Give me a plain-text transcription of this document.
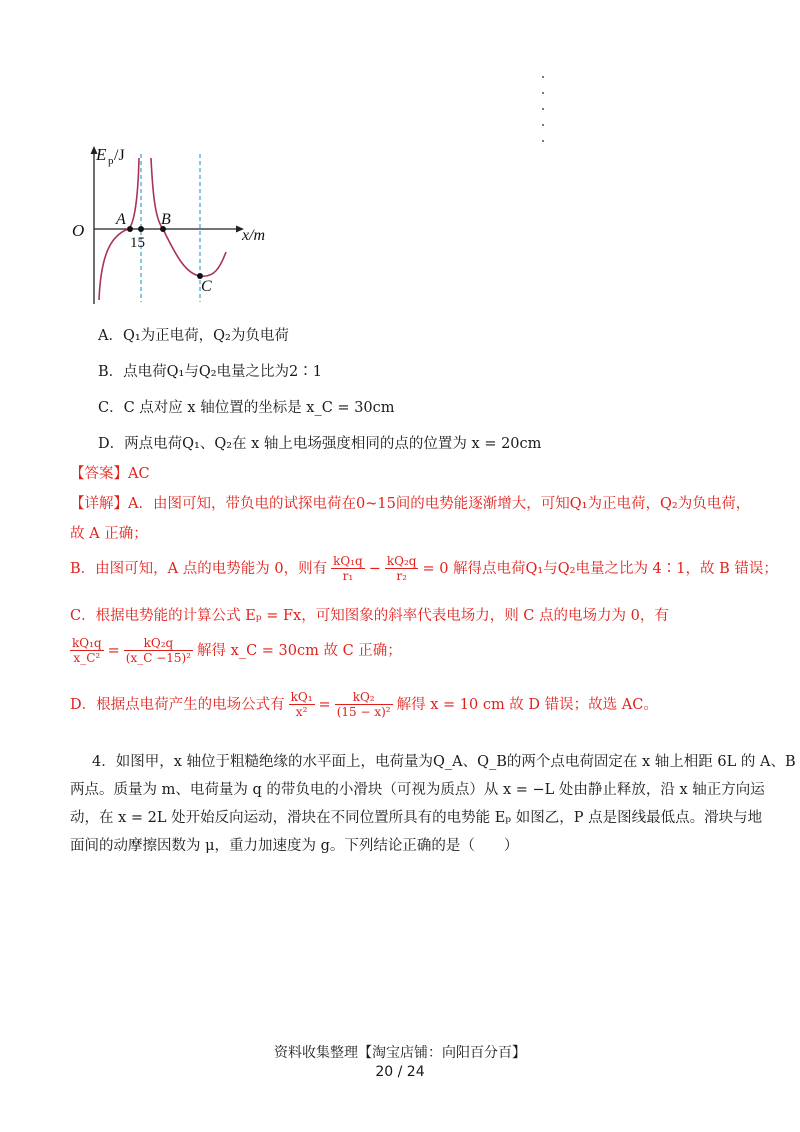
E p /J
O
A B
C
15	x/m
A．Q₁为正电荷，Q₂为负电荷
B．点电荷Q₁与Q₂电量之比为2∶1
C．C 点对应 x 轴位置的坐标是 x_C = 30cm
D．两点电荷Q₁、Q₂在 x 轴上电场强度相同的点的位置为 x = 20cm
【答案】AC
【详解】A．由图可知，带负电的试探电荷在0~15间的电势能逐渐增大，可知Q₁为正电荷，Q₂为负电荷，
故 A 正确；
B．由图可知，A 点的电势能为 0，则有 $\frac{\text{kQ₁q}}{\text{r₁}} - \frac{\text{kQ₂q}}{\text{r₂}} = 0$ 解得点电荷Q₁与Q₂电量之比为 4∶1，故 B 错误；
C．根据电势能的计算公式 Eₚ = Fx，可知图象的斜率代表电场力，则 C 点的电场力为 0，有
$\frac{\text{kQ₁q}}{\text{x\_C²}} = \frac{\text{kQ₂q}}{\text{(x\_C −15)²}}$ 解得 x_C = 30cm 故 C 正确；
D．根据点电荷产生的电场公式有 $\frac{\text{kQ₁}}{\text{x²}} = \frac{\text{kQ₂}}{\text{(15 − x)²}}$ 解得 x = 10 cm 故 D 错误；故选 AC。
4．如图甲，x 轴位于粗糙绝缘的水平面上，电荷量为Q_A、Q_B的两个点电荷固定在 x 轴上相距 6L 的 A、B
两点。质量为 m、电荷量为 q 的带负电的小滑块（可视为质点）从 x = −L 处由静止释放，沿 x 轴正方向运
动，在 x = 2L 处开始反向运动，滑块在不同位置所具有的电势能 Eₚ 如图乙，P 点是图线最低点。滑块与地
面间的动摩擦因数为 μ，重力加速度为 g。下列结论正确的是（　　）
资料收集整理【淘宝店铺：向阳百分百】
20 / 24
